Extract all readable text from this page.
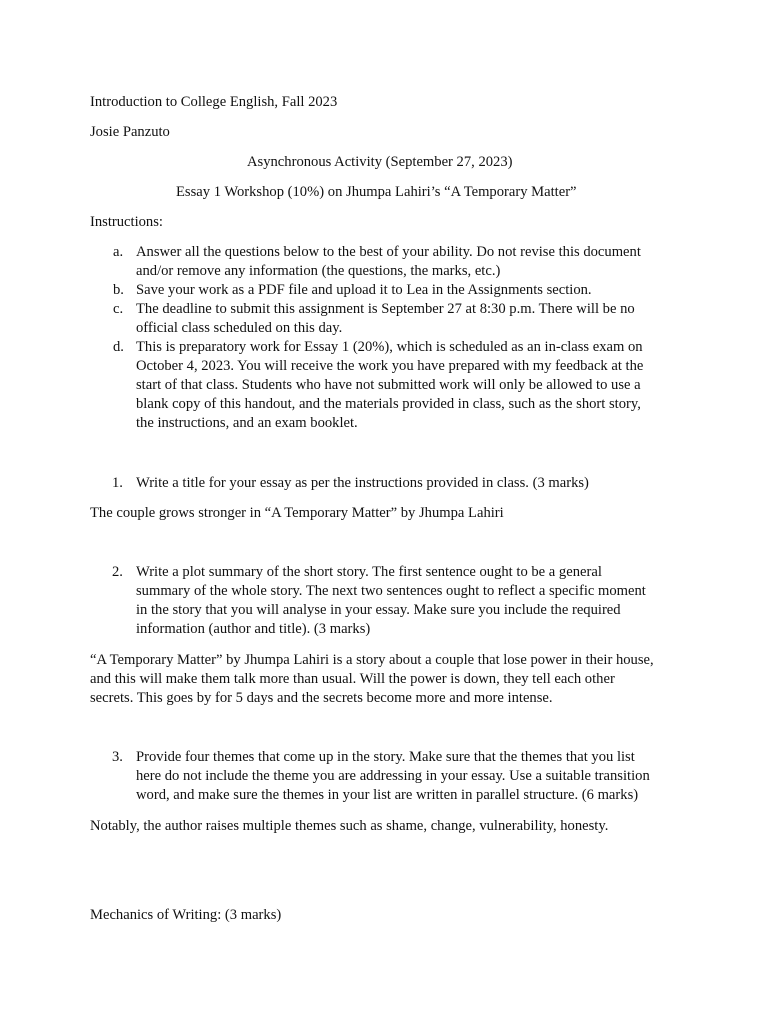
Introduction to College English, Fall 2023
Josie Panzuto
Asynchronous Activity (September 27, 2023)
Essay 1 Workshop (10%) on Jhumpa Lahiri’s “A Temporary Matter”
Instructions:
a. Answer all the questions below to the best of your ability. Do not revise this document
and/or remove any information (the questions, the marks, etc.)
b. Save your work as a PDF file and upload it to Lea in the Assignments section.
c. The deadline to submit this assignment is September 27 at 8:30 p.m. There will be no
official class scheduled on this day.
d. This is preparatory work for Essay 1 (20%), which is scheduled as an in-class exam on
October 4, 2023. You will receive the work you have prepared with my feedback at the
start of that class. Students who have not submitted work will only be allowed to use a
blank copy of this handout, and the materials provided in class, such as the short story,
the instructions, and an exam booklet.
1. Write a title for your essay as per the instructions provided in class. (3 marks)
The couple grows stronger in “A Temporary Matter” by Jhumpa Lahiri
2. Write a plot summary of the short story. The first sentence ought to be a general
summary of the whole story. The next two sentences ought to reflect a specific moment
in the story that you will analyse in your essay. Make sure you include the required
information (author and title). (3 marks)
“A Temporary Matter” by Jhumpa Lahiri is a story about a couple that lose power in their house,
and this will make them talk more than usual. Will the power is down, they tell each other
secrets. This goes by for 5 days and the secrets become more and more intense.
3. Provide four themes that come up in the story. Make sure that the themes that you list
here do not include the theme you are addressing in your essay. Use a suitable transition
word, and make sure the themes in your list are written in parallel structure. (6 marks)
Notably, the author raises multiple themes such as shame, change, vulnerability, honesty.
Mechanics of Writing: (3 marks)
